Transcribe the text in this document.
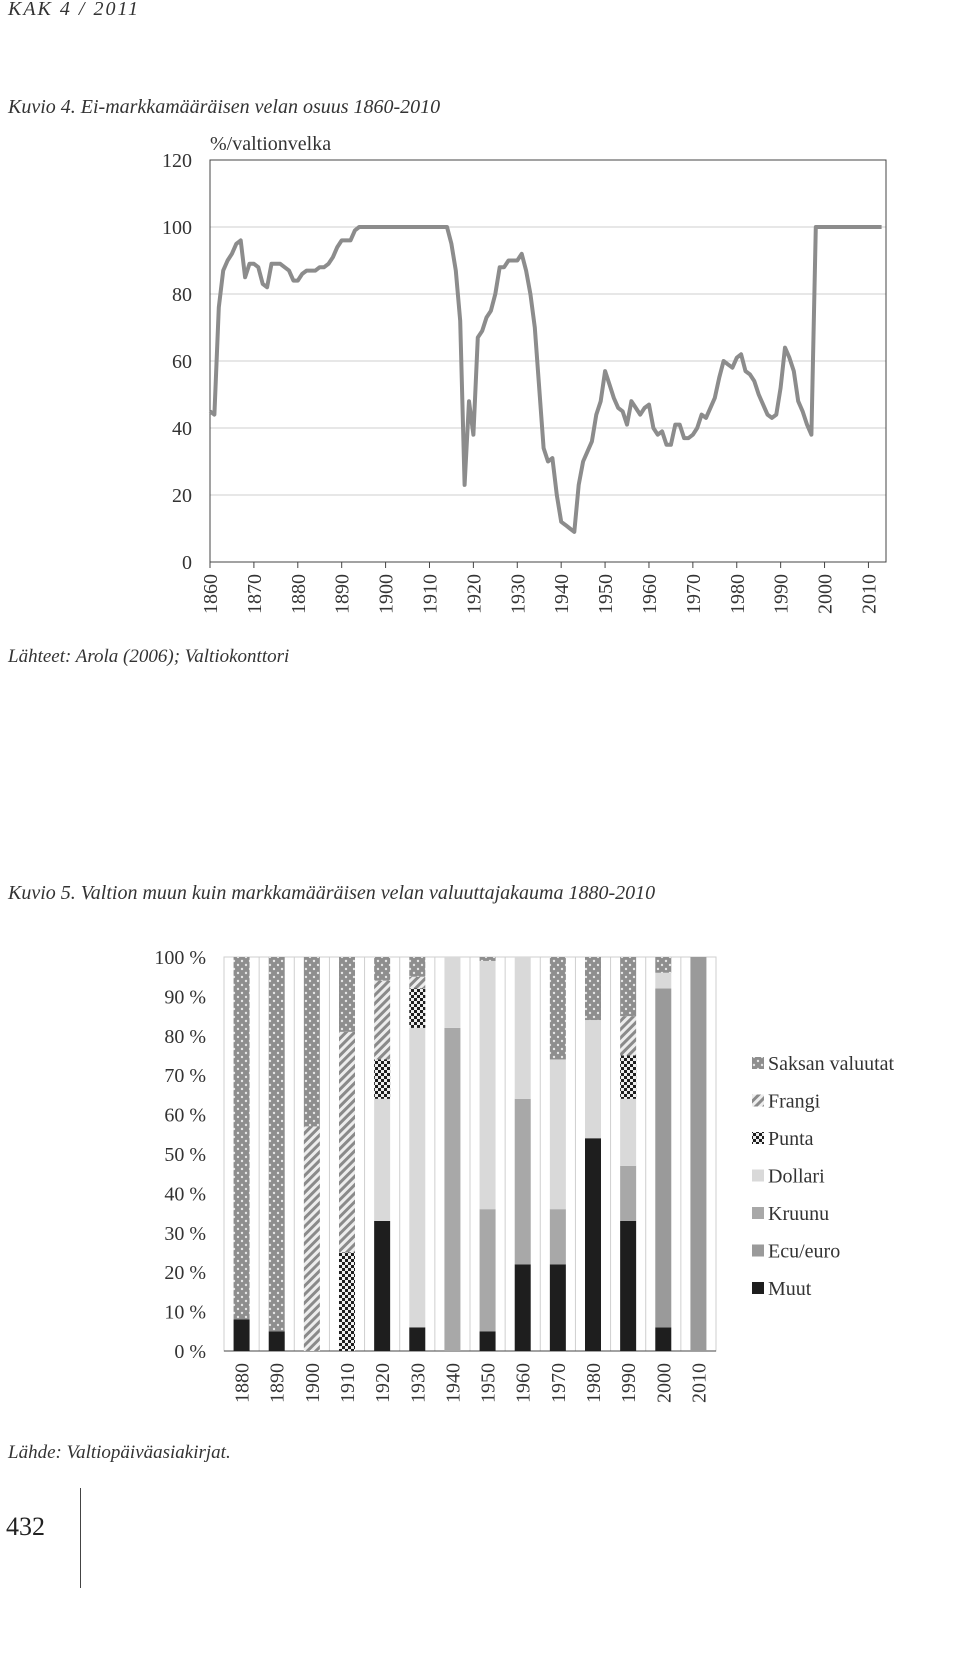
KAK 4 / 2011
Kuvio 4. Ei-markkamääräisen velan osuus 1860-2010
0
20
40
60
80
100
120
1860 1870 1880 1890 1900 1910 1920 1930 1940 1950 1960 1970 1980 1990 2000 2010
%/valtionvelka
Lähteet: Arola (2006); Valtiokonttori
Kuvio 5. Valtion muun kuin markkamääräisen velan valuuttajakauma 1880-2010
0 %
10 %
20 %
30 %
40 %
50 %
60 %
70 %
80 %
90 %
100 %
1880 1890 1900 1910 1920 1930 1940 1950 1960 1970 1980 1990 2000 2010
Saksan valuutat
Frangi
Punta
Dollari
Kruunu
Ecu/euro
Muut
Lähde: Valtiopäiväasiakirjat.
432
